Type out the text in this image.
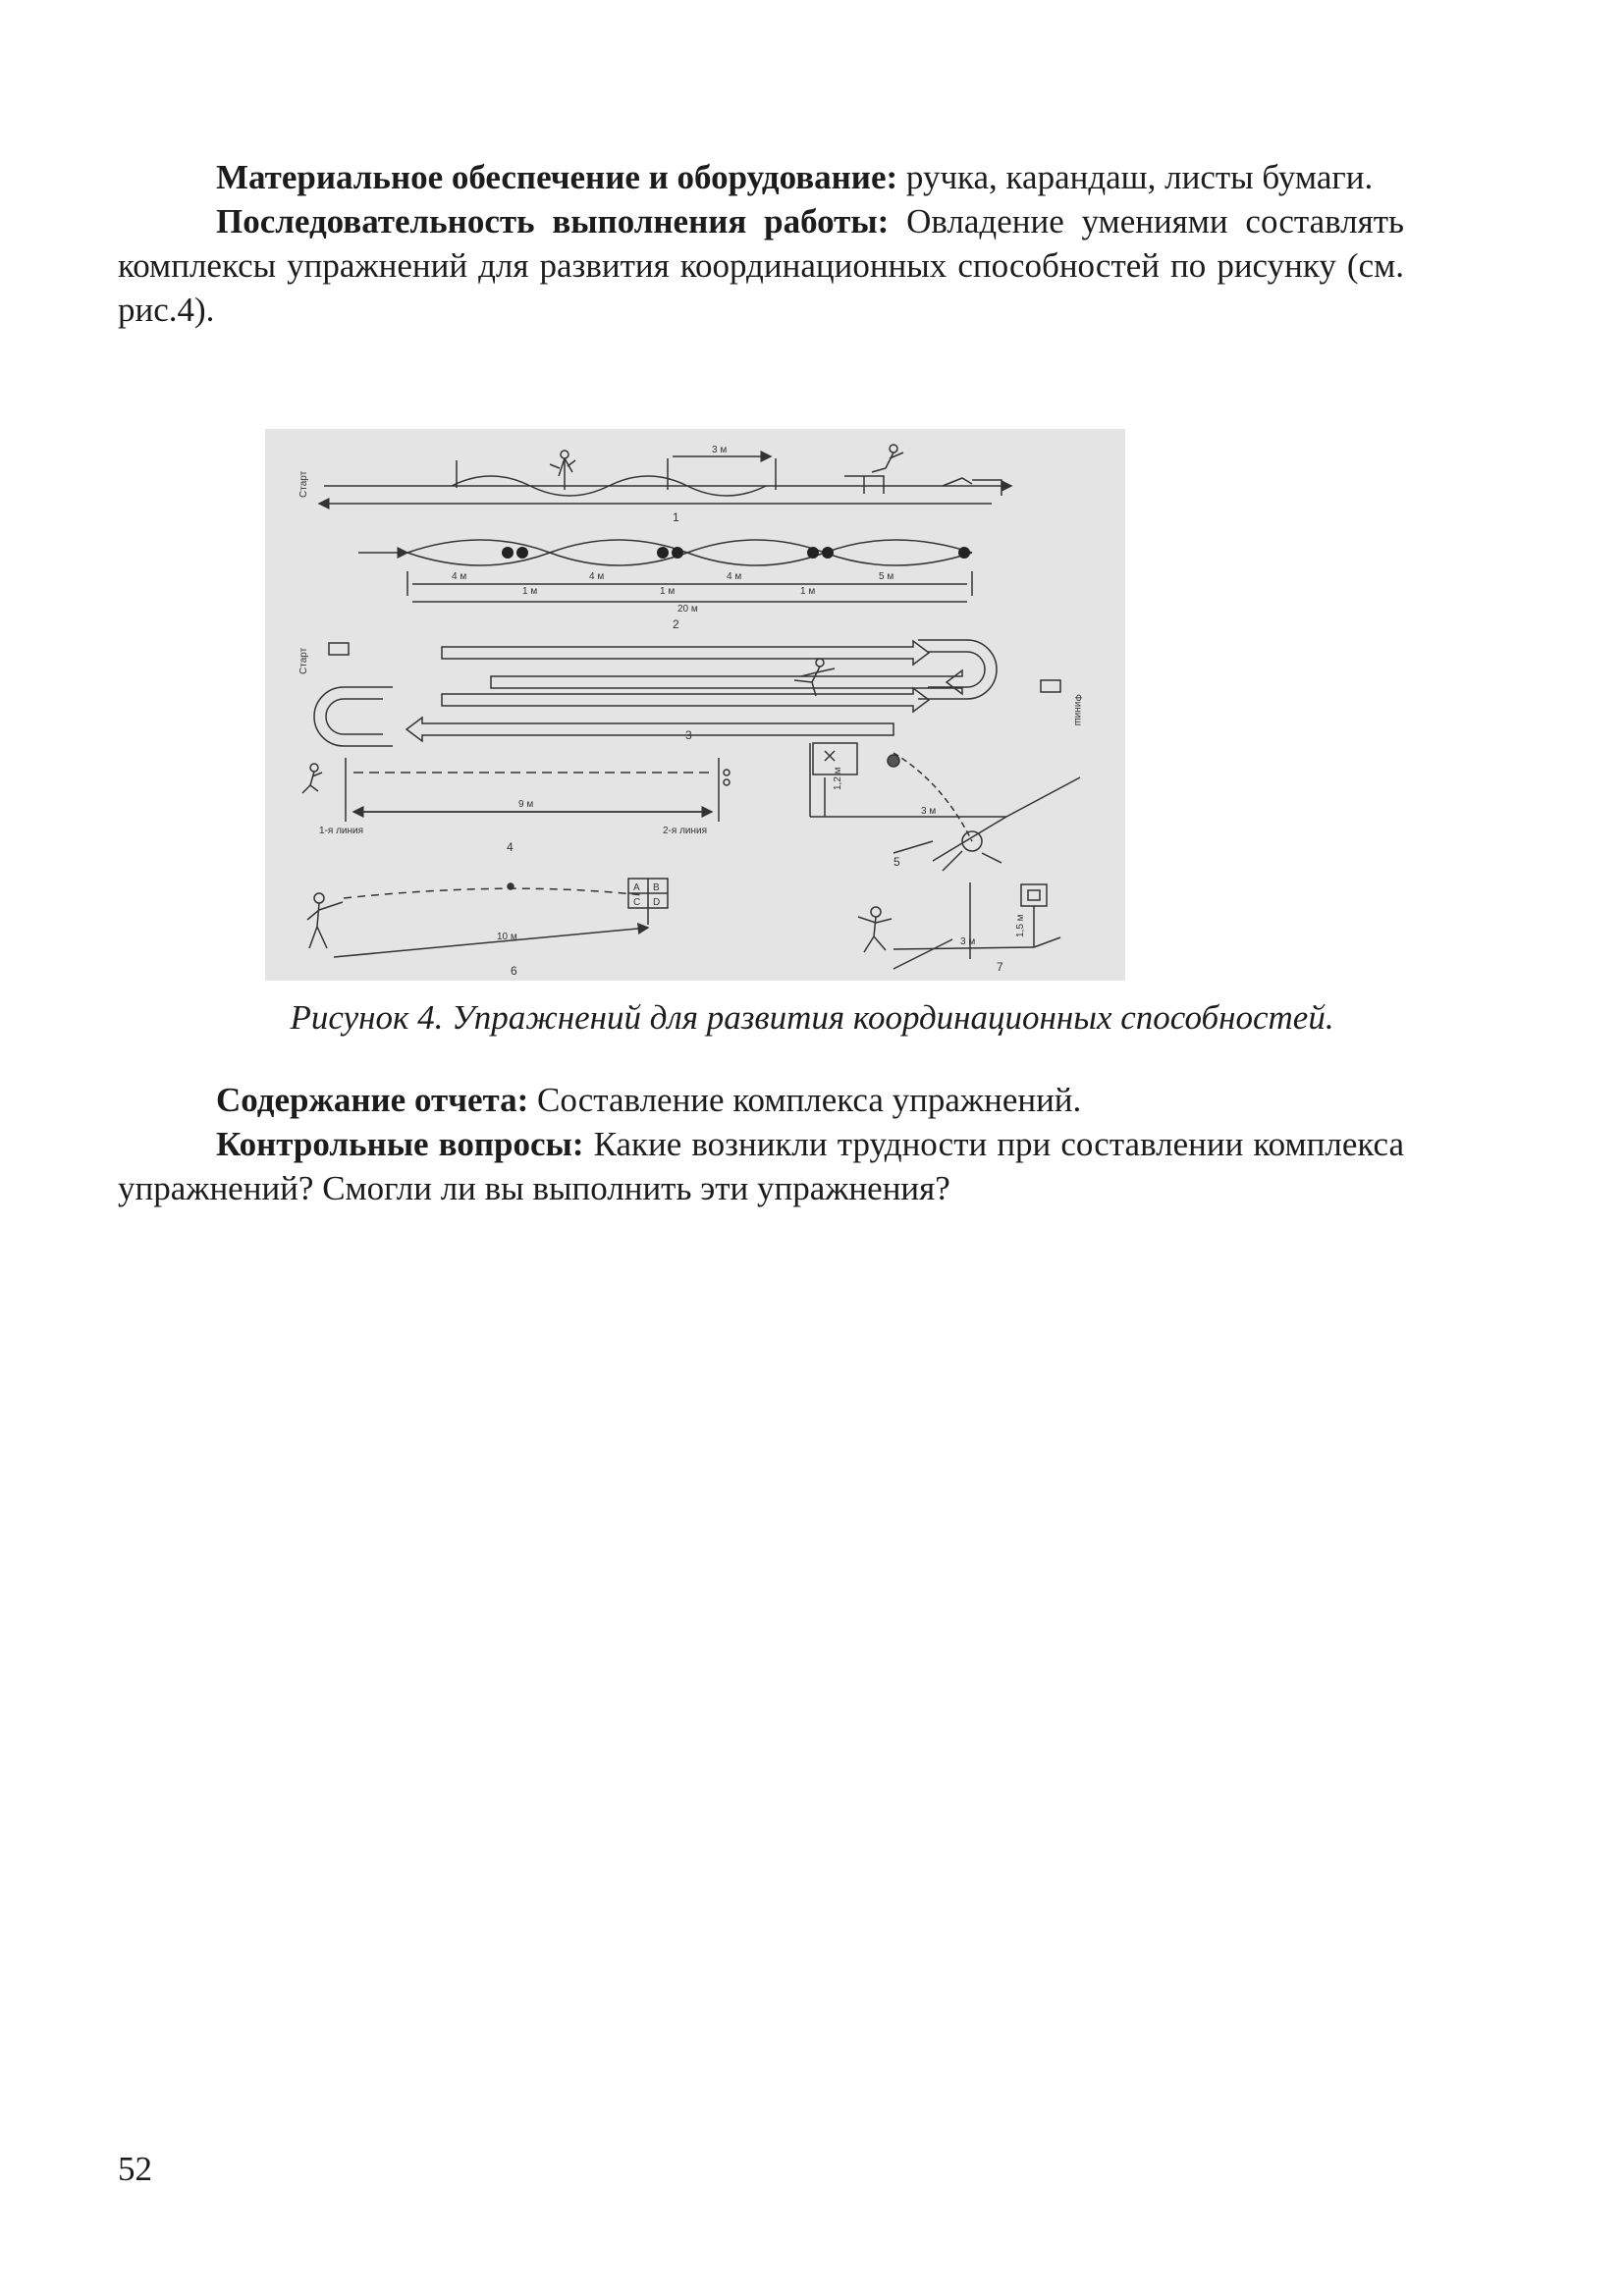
Материальное обеспечение и оборудование: ручка, карандаш, листы бумаги.

Последовательность выполнения работы: Овладение умениями составлять комплексы упражнений для развития координационных способностей по рисунку (см. рис.4).

Старт
3 м
1
4 м
1 м
4 м
1 м
4 м
1 м
5 м
20 м
2
Старт
Финиш
3
1-я линия
9 м
2-я линия
4
1,2 м
3 м
5
A B
C D
10 м
6
3 м
1,5 м
7
Рисунок 4. Упражнений для развития координационных способностей.

Содержание отчета: Составление комплекса упражнений.

Контрольные вопросы: Какие возникли трудности при составлении комплекса упражнений? Смогли ли вы выполнить эти упражнения?

52
